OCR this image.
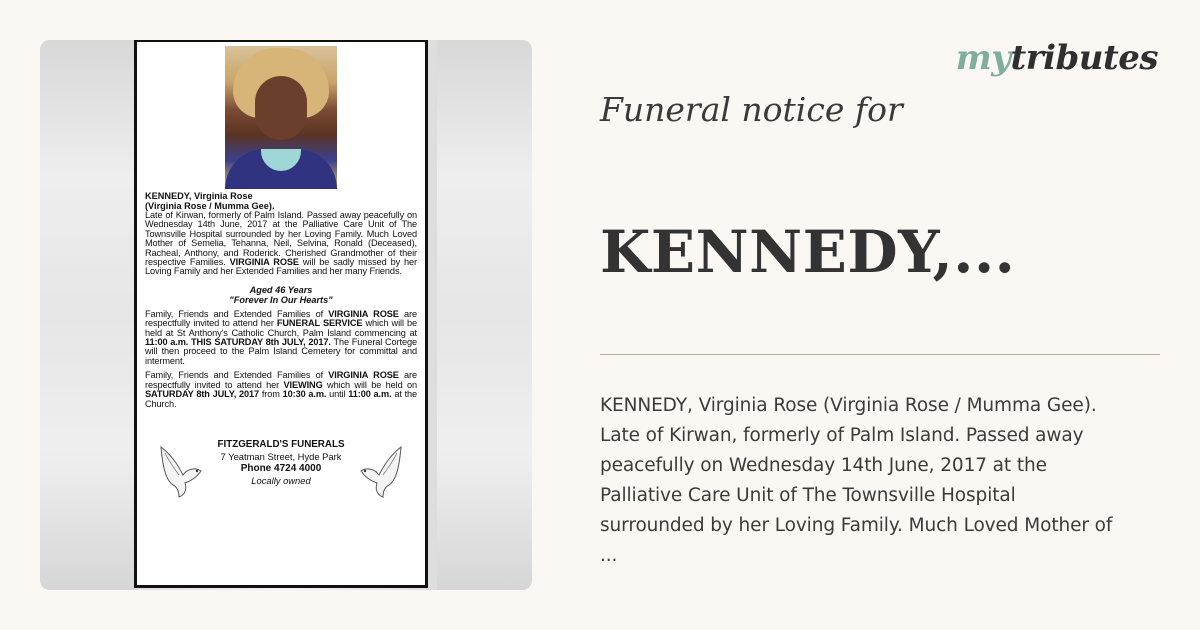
KENNEDY, Virginia Rose
(Virginia Rose / Mumma Gee).
Late of Kirwan, formerly of Palm Island. Passed away peacefully on Wednesday 14th June, 2017 at the Palliative Care Unit of The Townsville Hospital surrounded by her Loving Family. Much Loved Mother of Semelia, Tehanna, Neil, Selvina, Ronald (Deceased), Racheal, Anthony, and Roderick. Cherished Grandmother of their respective Families. VIRGINIA ROSE will be sadly missed by her Loving Family and her Extended Families and her many Friends.
Aged 46 Years
"Forever In Our Hearts"
Family, Friends and Extended Families of VIRGINIA ROSE are respectfully invited to attend her FUNERAL SERVICE which will be held at St Anthony's Catholic Church, Palm Island commencing at 11:00 a.m. THIS SATURDAY 8th JULY, 2017. The Funeral Cortege will then proceed to the Palm Island Cemetery for committal and interment.
Family, Friends and Extended Families of VIRGINIA ROSE are respectfully invited to attend her VIEWING which will be held on SATURDAY 8th JULY, 2017 from 10:30 a.m. until 11:00 a.m. at the Church.
FITZGERALD'S FUNERALS
7 Yeatman Street, Hyde Park
Phone 4724 4000
Locally owned
mytributes
Funeral notice for
KENNEDY,...

KENNEDY, Virginia Rose (Virginia Rose / Mumma Gee).

Late of Kirwan, formerly of Palm Island. Passed away

peacefully on Wednesday 14th June, 2017 at the

Palliative Care Unit of The Townsville Hospital

surrounded by her Loving Family. Much Loved Mother of

...
